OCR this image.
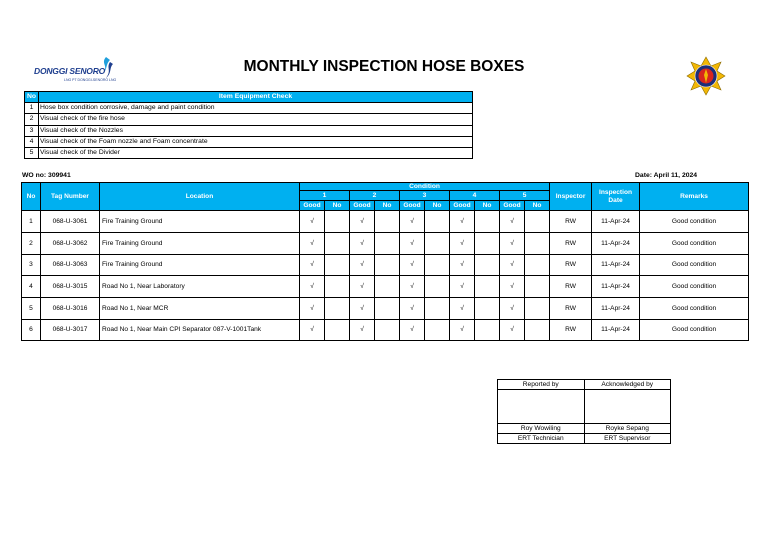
DONGGI SENORO
LNG PT DONGGI-SENORO LNG
MONTHLY INSPECTION HOSE BOXES
No	Item Equipment Check
1	Hose box condition corrosive, damage and paint condition
2	Visual check of the fire hose
3	Visual check of the Nozzles
4	Visual check of the Foam nozzle and Foam concentrate
5	Visual check of the Divider
WO no: 309941	Date: April 11, 2024
No	Tag Number	Location	Condition										Inspector	Inspection Date	Remarks
			1		2		3		4		5				
			Good	No	Good	No	Good	No	Good	No	Good	No			
1	068-U-3061	Fire Training Ground	√		√		√		√		√		RW	11-Apr-24	Good condition
2	068-U-3062	Fire Training Ground	√		√		√		√		√		RW	11-Apr-24	Good condition
3	068-U-3063	Fire Training Ground	√		√		√		√		√		RW	11-Apr-24	Good condition
4	068-U-3015	Road No 1, Near Laboratory	√		√		√		√		√		RW	11-Apr-24	Good condition
5	068-U-3016	Road No 1, Near MCR	√		√		√		√		√		RW	11-Apr-24	Good condition
6	068-U-3017	Road No 1, Near Main CPI Separator 087-V-1001Tank	√		√		√		√		√		RW	11-Apr-24	Good condition
Reported by	Acknowledged by

Roy Wowiling	Royke Sepang
ERT Technician	ERT Supervisor
